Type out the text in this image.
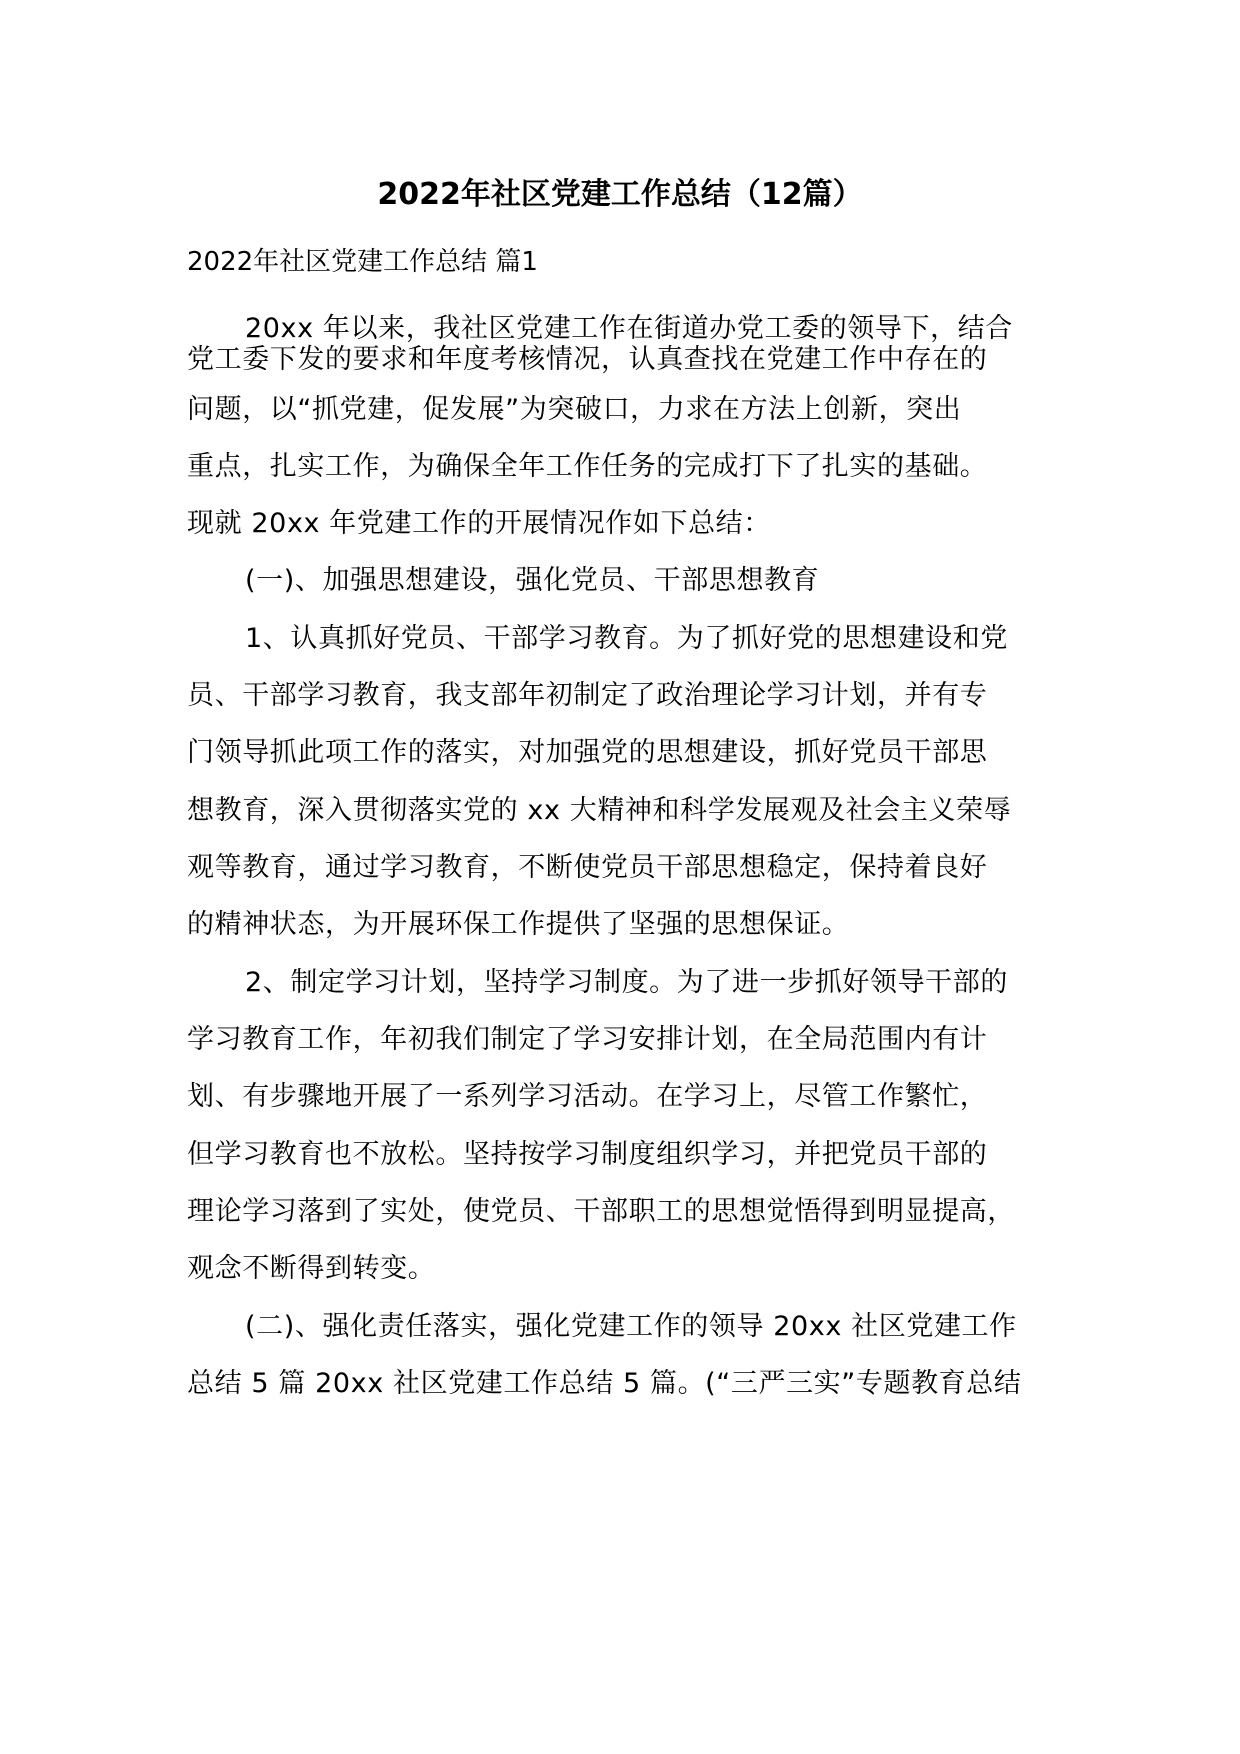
2022年社区党建工作总结（12篇）

2022年社区党建工作总结 篇1

20xx 年以来，我社区党建工作在街道办党工委的领导下，结合

党工委下发的要求和年度考核情况，认真查找在党建工作中存在的

问题，以“抓党建，促发展”为突破口，力求在方法上创新，突出

重点，扎实工作，为确保全年工作任务的完成打下了扎实的基础。

现就 20xx 年党建工作的开展情况作如下总结：

(一)、加强思想建设，强化党员、干部思想教育

1、认真抓好党员、干部学习教育。为了抓好党的思想建设和党

员、干部学习教育，我支部年初制定了政治理论学习计划，并有专

门领导抓此项工作的落实，对加强党的思想建设，抓好党员干部思

想教育，深入贯彻落实党的 xx 大精神和科学发展观及社会主义荣辱

观等教育，通过学习教育，不断使党员干部思想稳定，保持着良好

的精神状态，为开展环保工作提供了坚强的思想保证。

2、制定学习计划，坚持学习制度。为了进一步抓好领导干部的

学习教育工作，年初我们制定了学习安排计划，在全局范围内有计

划、有步骤地开展了一系列学习活动。在学习上，尽管工作繁忙，

但学习教育也不放松。坚持按学习制度组织学习，并把党员干部的

理论学习落到了实处，使党员、干部职工的思想觉悟得到明显提高，

观念不断得到转变。

(二)、强化责任落实，强化党建工作的领导 20xx 社区党建工作

总结 5 篇 20xx 社区党建工作总结 5 篇。(“三严三实”专题教育总结
